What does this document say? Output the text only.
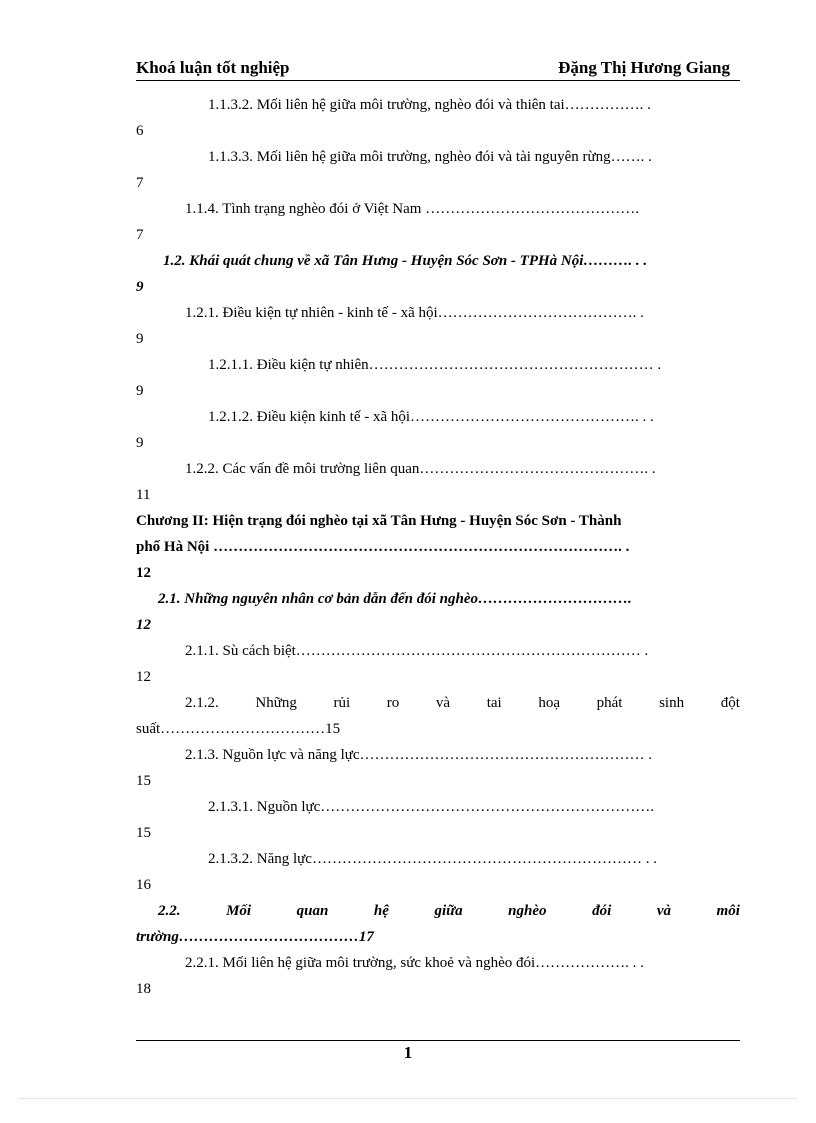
Khoá luận tốt nghiệp	Đặng Thị Hương Giang
1.1.3.2. Mối liên hệ giữa môi trường, nghèo đói và thiên tai……………. .
6
1.1.3.3. Mối liên hệ giữa môi trường, nghèo đói và tài nguyên rừng……. .
7
1.1.4. Tình trạng nghèo đói ở Việt Nam …………………………………….
7
1.2. Khái quát chung về xã Tân Hưng - Huyện Sóc Sơn - TPHà Nội………. . .
9
1.2.1. Điều kiện tự nhiên - kinh tế - xã hội…………………………………. .
9
1.2.1.1. Điều kiện tự nhiên………………………………………………… .
9
1.2.1.2. Điều kiện kinh tế - xã hội………………………………………. . .
9
1.2.2. Các vấn đề môi trường liên quan………………………………………. .
11
Chương II: Hiện trạng đói nghèo tại xã Tân Hưng - Huyện Sóc Sơn - Thành
phố Hà Nội ………………………………………………………………………. .
12
2.1. Những nguyên nhân cơ bản dẫn đến đói nghèo………………………….
12
2.1.1. Sù cách biệt…………………………………………………………… .
12
2.1.2. Những rủi ro và tai hoạ phát sinh đột
suất……………………………15
2.1.3. Nguồn lực và năng lực………………………………………………… .
15
2.1.3.1. Nguồn lực………………………………………………………….
15
2.1.3.2. Năng lực………………………………………………………… . .
16
2.2.	Mối	quan	hệ	giữa	nghèo	đói	và	môi
trường………………………………17
2.2.1. Mối liên hệ giữa môi trường, sức khoẻ và nghèo đói………………. . .
18
1
